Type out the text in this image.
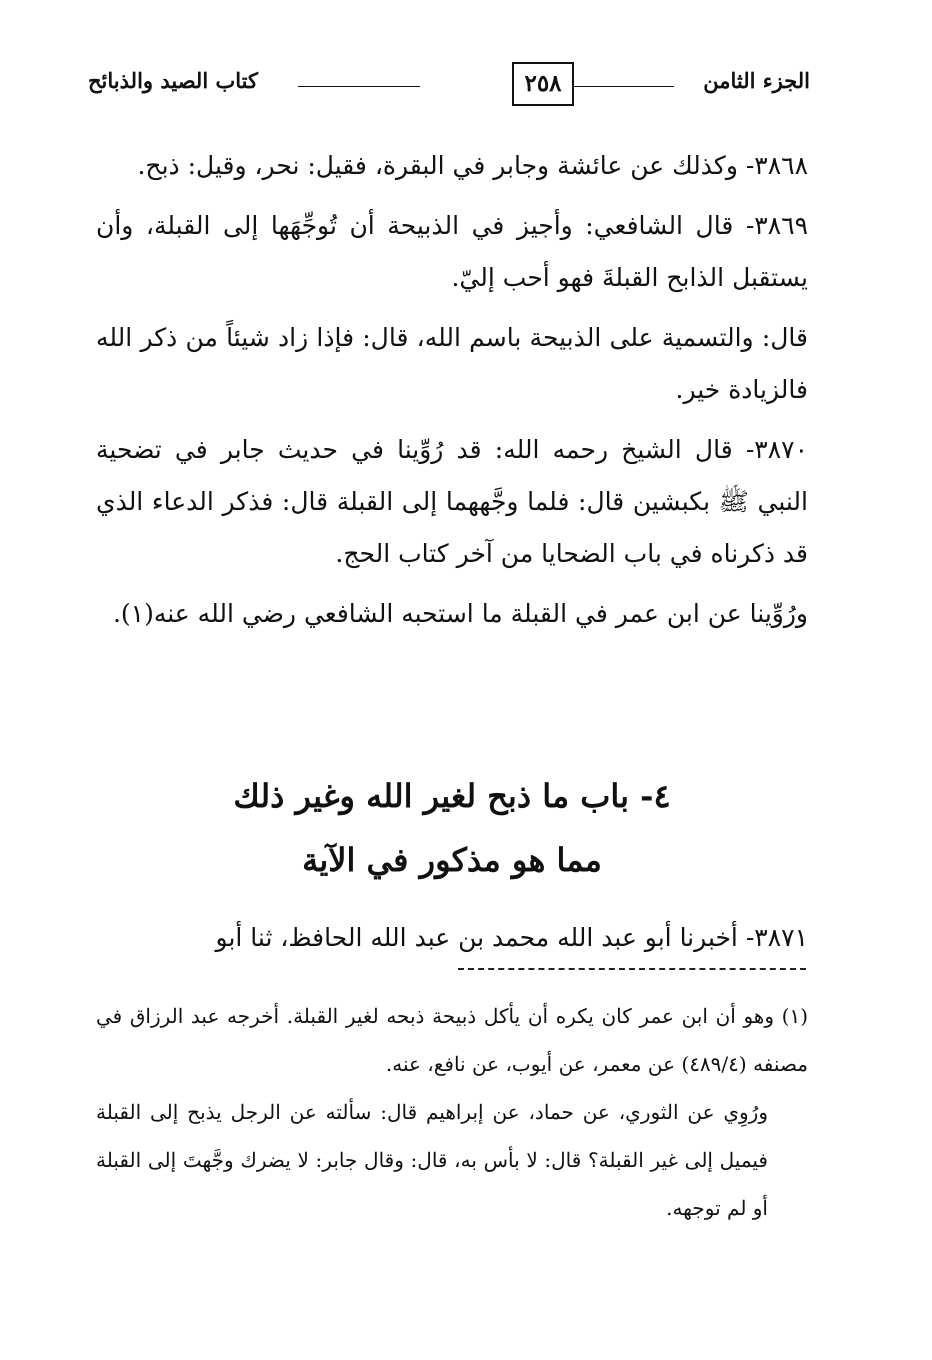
الجزء الثامن
٢٥٨
كتاب الصيد والذبائح

٣٨٦٨- وكذلك عن عائشة وجابر في البقرة، فقيل: نحر، وقيل: ذبح.

٣٨٦٩- قال الشافعي: وأجيز في الذبيحة أن تُوجِّهَها إلى القبلة، وأن يستقبل الذابح القبلةَ فهو أحب إليّ.

قال: والتسمية على الذبيحة باسم الله، قال: فإذا زاد شيئاً من ذكر الله فالزيادة خير.

٣٨٧٠- قال الشيخ رحمه الله: قد رُوِّينا في حديث جابر في تضحية النبي ﷺ بكبشين قال: فلما وجَّههما إلى القبلة قال: فذكر الدعاء الذي قد ذكرناه في باب الضحايا من آخر كتاب الحج.

ورُوِّينا عن ابن عمر في القبلة ما استحبه الشافعي رضي الله عنه(١).

٤- باب ما ذبح لغير الله وغير ذلك
مما هو مذكور في الآية
٣٨٧١- أخبرنا أبو عبد الله محمد بن عبد الله الحافظ، ثنا أبو

(١) وهو أن ابن عمر كان يكره أن يأكل ذبيحة ذبحه لغير القبلة. أخرجه عبد الرزاق في مصنفه (٤٨٩/٤) عن معمر، عن أيوب، عن نافع، عنه.

ورُوِي عن الثوري، عن حماد، عن إبراهيم قال: سألته عن الرجل يذبح إلى القبلة فيميل إلى غير القبلة؟ قال: لا بأس به، قال: وقال جابر: لا يضرك وجَّهتَ إلى القبلة أو لم توجهه.
